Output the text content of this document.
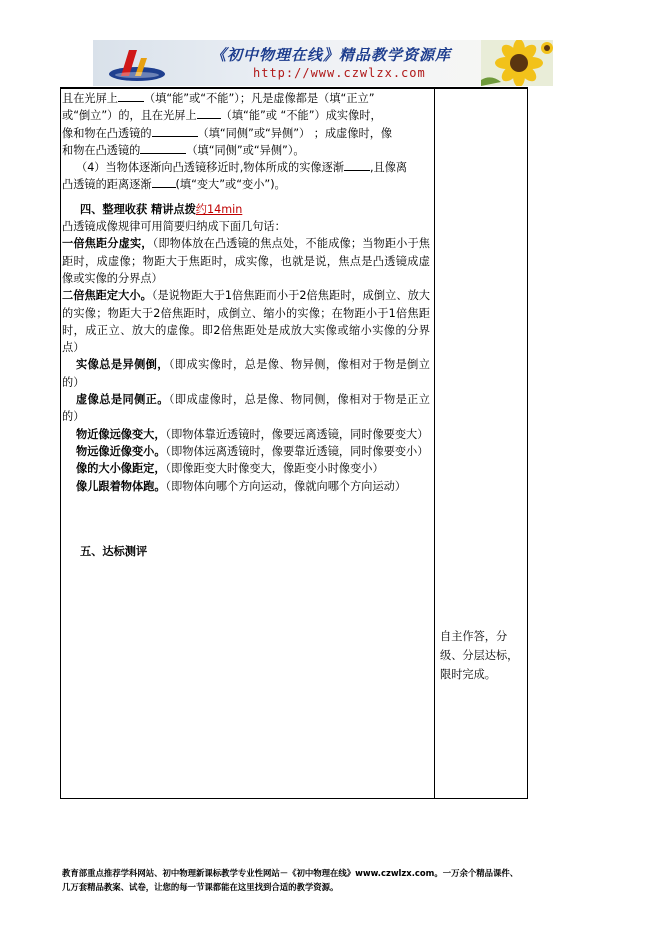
《初中物理在线》精品教学资源库
http://www.czwlzx.com

且在光屏上 （填“能”或“不能”）；凡是虚像都是（填“正立”

或“倒立”）的，且在光屏上 （填“能”或 “不能”）成实像时，

像和物在凸透镜的	（填“同侧”或“异侧”） ；成虚像时，像

和物在凸透镜的	（填“同侧”或“异侧”）。

（4）当物体逐渐向凸透镜移近时,物体所成的实像逐渐 ,且像离

凸透镜的距离逐渐 (填“变大”或“变小”)。

四、整理收获 精讲点拨约14min

凸透镜成像规律可用简要归纳成下面几句话：

一倍焦距分虚实，（即物体放在凸透镜的焦点处，不能成像；当物距小于焦距时，成虚像；物距大于焦距时，成实像，也就是说，焦点是凸透镜成虚像或实像的分界点）

二倍焦距定大小。（是说物距大于1倍焦距而小于2倍焦距时，成倒立、放大的实像；物距大于2倍焦距时，成倒立、缩小的实像；在物距小于1倍焦距时，成正立、放大的虚像。即2倍焦距处是成放大实像或缩小实像的分界点）

实像总是异侧倒，（即成实像时，总是像、物异侧，像相对于物是倒立的）

虚像总是同侧正。（即成虚像时，总是像、物同侧，像相对于物是正立的）

物近像远像变大，（即物体靠近透镜时，像要远离透镜，同时像要变大）

物远像近像变小。（即物体远离透镜时，像要靠近透镜，同时像要变小）

像的大小像距定，（即像距变大时像变大，像距变小时像变小）

像儿跟着物体跑。（即物体向哪个方向运动，像就向哪个方向运动）

五、达标测评

自主作答，分级、分层达标，限时完成。

教育部重点推荐学科网站、初中物理新课标教学专业性网站－《初中物理在线》www.czwlzx.com。一万余个精品课件、

几万套精品教案、试卷，让您的每一节课都能在这里找到合适的教学资源。
